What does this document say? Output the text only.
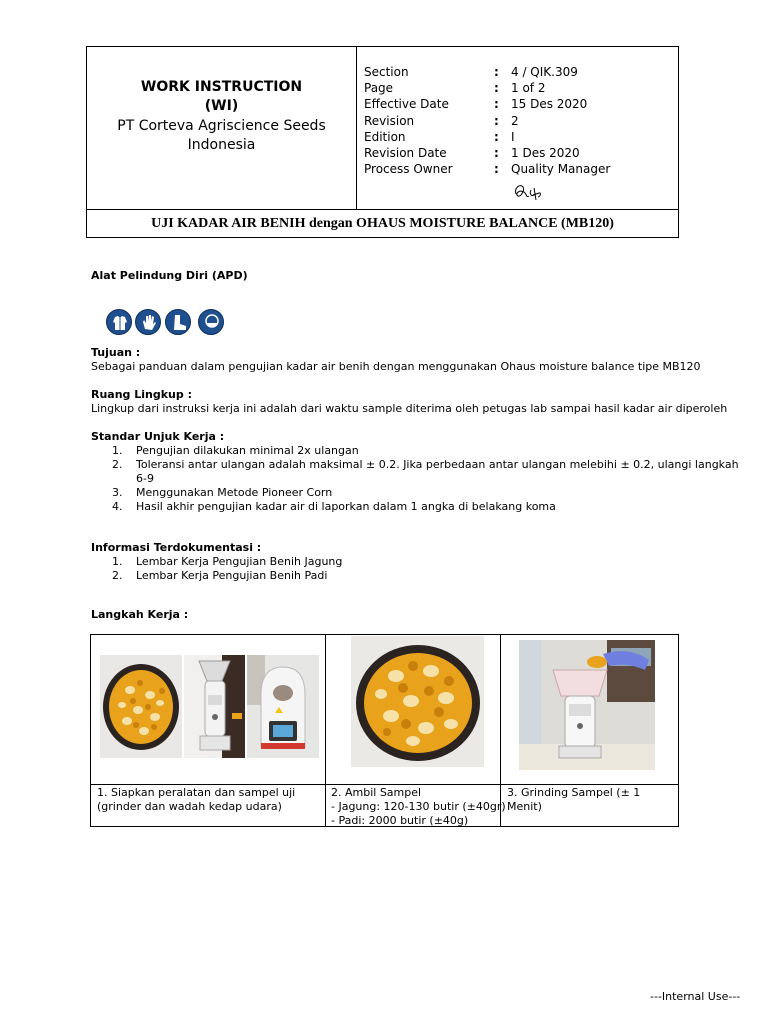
WORK INSTRUCTION
(WI)
PT Corteva Agriscience Seeds
Indonesia
Section	: 4 / QIK.309
Page	: 1 of 2
Effective Date	: 15 Des 2020
Revision	: 2
Edition	: I
Revision Date	: 1 Des 2020
Process Owner	: Quality Manager
UJI KADAR AIR BENIH dengan OHAUS MOISTURE BALANCE (MB120)
Alat Pelindung Diri (APD)
Tujuan :
Sebagai panduan dalam pengujian kadar air benih dengan menggunakan Ohaus moisture balance tipe MB120
Ruang Lingkup :
Lingkup dari instruksi kerja ini adalah dari waktu sample diterima oleh petugas lab sampai hasil kadar air diperoleh
Standar Unjuk Kerja :
1. Pengujian dilakukan minimal 2x ulangan
2. Toleransi antar ulangan adalah maksimal ± 0.2. Jika perbedaan antar ulangan melebihi ± 0.2, ulangi langkah
6-9
3. Menggunakan Metode Pioneer Corn
4. Hasil akhir pengujian kadar air di laporkan dalam 1 angka di belakang koma
Informasi Terdokumentasi :
1. Lembar Kerja Pengujian Benih Jagung
2. Lembar Kerja Pengujian Benih Padi
Langkah Kerja :
1. Siapkan peralatan dan sampel uji
(grinder dan wadah kedap udara)
2. Ambil Sampel
- Jagung: 120-130 butir (±40gr)
- Padi: 2000 butir (±40g)
3. Grinding Sampel (± 1 Menit)
---Internal Use---
